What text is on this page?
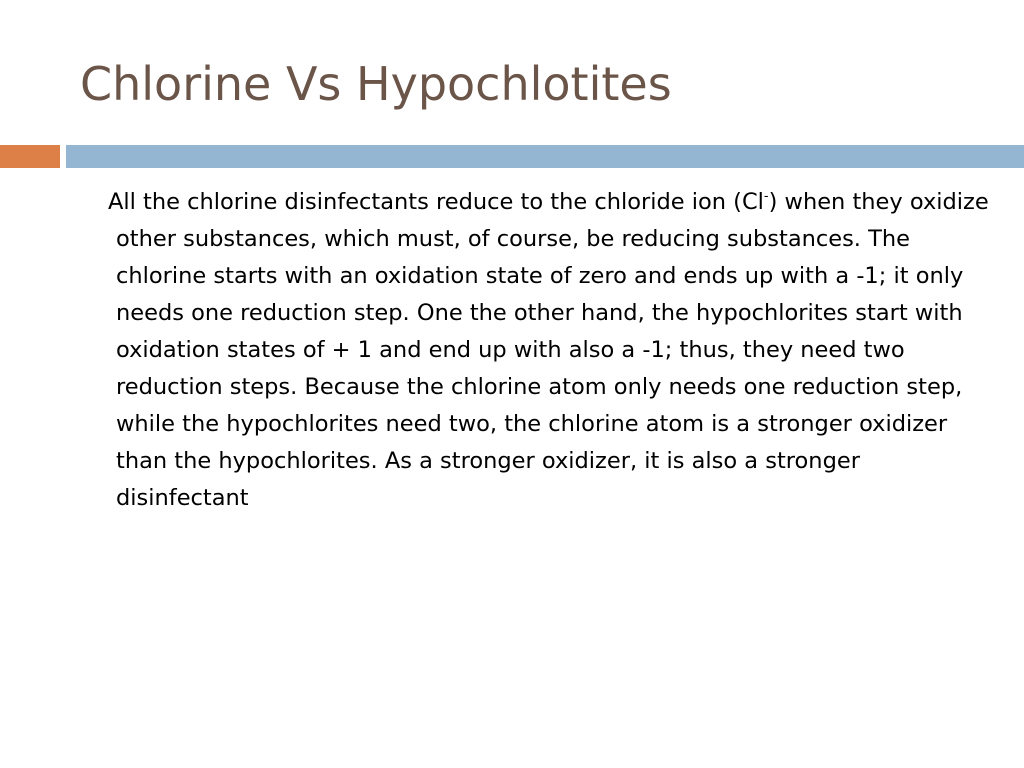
Chlorine Vs Hypochlotites

All the chlorine disinfectants reduce to the chloride ion (Cl-) when they oxidize other substances, which must, of course, be reducing substances. The chlorine starts with an oxidation state of zero and ends up with a -1; it only needs one reduction step. One the other hand, the hypochlorites start with oxidation states of + 1 and end up with also a -1; thus, they need two reduction steps. Because the chlorine atom only needs one reduction step, while the hypochlorites need two, the chlorine atom is a stronger oxidizer than the hypochlorites. As a stronger oxidizer, it is also a stronger disinfectant
